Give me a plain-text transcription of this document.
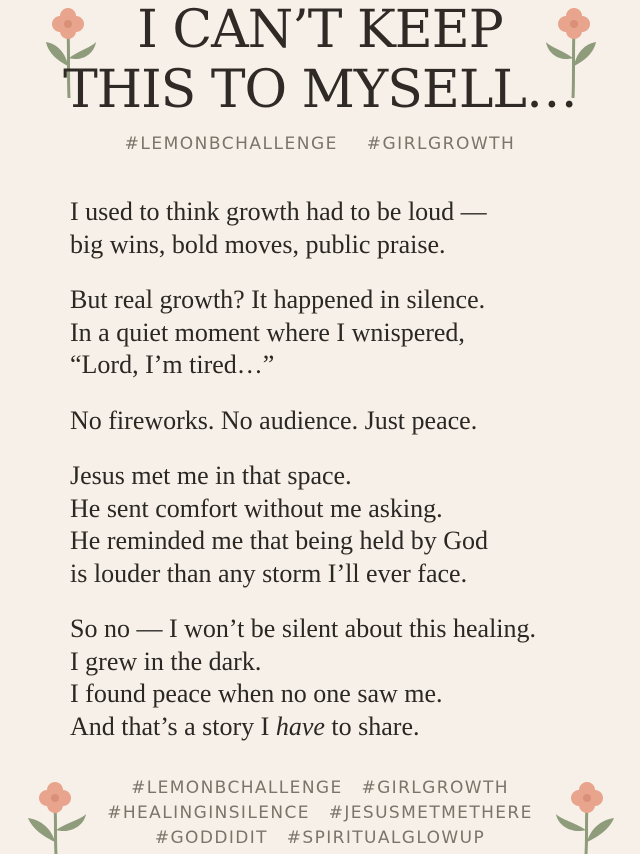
I CAN’T KEEP
THIS TO MYSELL…
#LEMONBCHALLENGE #GIRLGROWTH
I used to think growth had to be loud —
big wins, bold moves, public praise.
But real growth? It happened in silence.
In a quiet moment where I wnispered,
“Lord, I’m tired…”
No fireworks. No audience. Just peace.
Jesus met me in that space.
He sent comfort without me asking.
He reminded me that being held by God
is louder than any storm I’ll ever face.
So no — I won’t be silent about this healing.
I grew in the dark.
I found peace when no one saw me.
And that’s a story I have to share.
#LEMONBCHALLENGE #GIRLGROWTH
#HEALINGINSILENCE #JESUSMETMETHERE
#GODDIDIT #SPIRITUALGLOWUP
